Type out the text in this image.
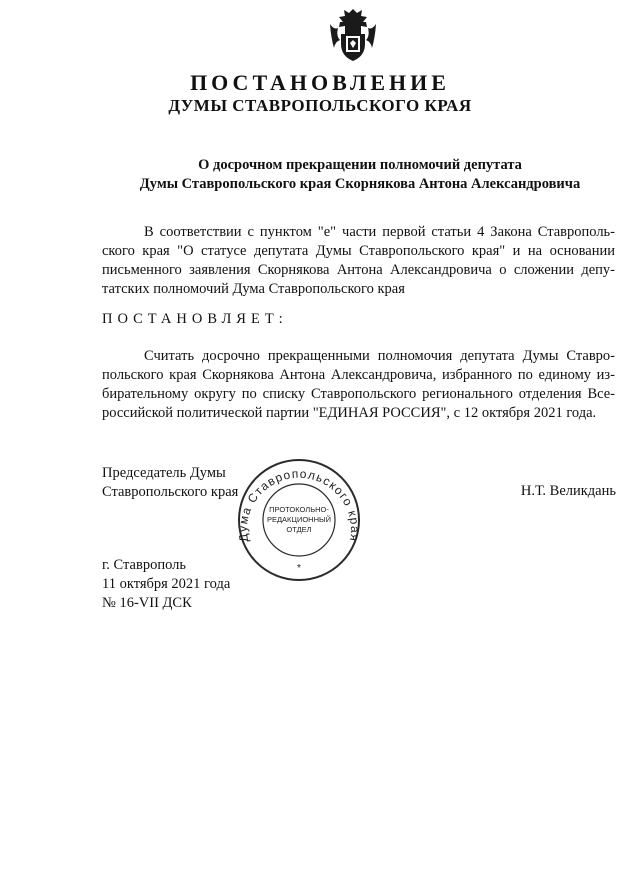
ПОСТАНОВЛЕНИЕ
ДУМЫ СТАВРОПОЛЬСКОГО КРАЯ

О досрочном прекращении полномочий депутата

Думы Ставропольского края Скорнякова Антона Александровича

В соответствии с пунктом "е" части первой статьи 4 Закона Ставрополь-
ского края "О статусе депутата Думы Ставропольского края" и на основании
письменного заявления Скорнякова Антона Александровича о сложении депу-
татских полномочий Дума Ставропольского края

ПОСТАНОВЛЯЕТ:

Считать досрочно прекращенными полномочия депутата Думы Ставро-
польского края Скорнякова Антона Александровича, избранного по единому из-
бирательному округу по списку Ставропольского регионального отделения Все-
российской политической партии "ЕДИНАЯ РОССИЯ", с 12 октября 2021 года.
Председатель Думы
Ставропольского края	Н.Т. Великдань

Дума Ставропольского края
ПРОТОКОЛЬНО-
РЕДАКЦИОННЫЙ
ОТДЕЛ
*
г. Ставрополь
11 октября 2021 года
№ 16-VII ДСК
